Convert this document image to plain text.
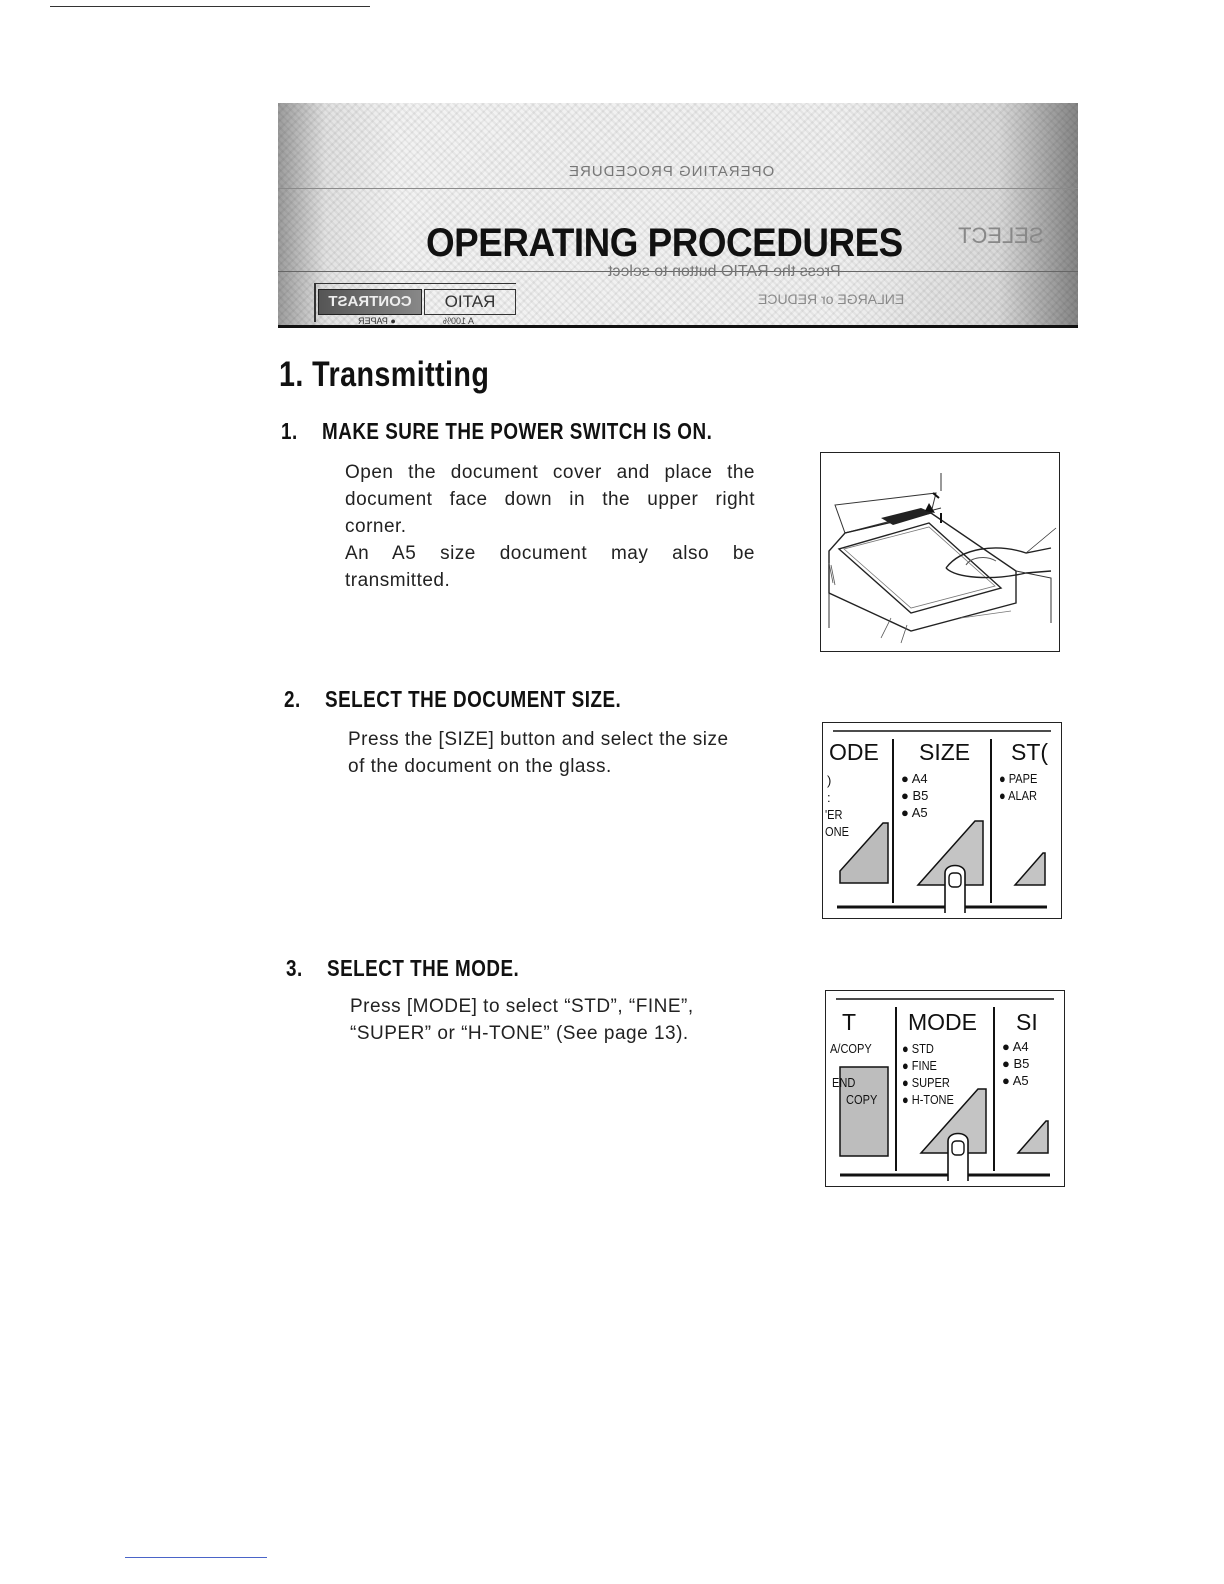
OPERATING PROCEDURE
SELECT
Press the RATIO button to select
ENLARGE or REDUCE
OPERATING PROCEDURES
CONTRAST	RATIO
● PAPER	A 100%
1. Transmitting
1. MAKE SURE THE POWER SWITCH IS ON.

Open the document cover and place the

document face down in the upper right

corner.

An A5 size document may also be

transmitted.

2. SELECT THE DOCUMENT SIZE.

Press the [SIZE] button and select the size

of the document on the glass.

ODE SIZE ST(
)
:
'ER
ONE
● A4
● B5
● A5
● PAPE
● ALAR
3. SELECT THE MODE.

Press [MODE] to select “STD”, “FINE”,

“SUPER” or “H-TONE” (See page 13).	T MODE SI
A/COPY
END
COPY
● STD
● FINE
● SUPER
● H-TONE
● A4
● B5
● A5
